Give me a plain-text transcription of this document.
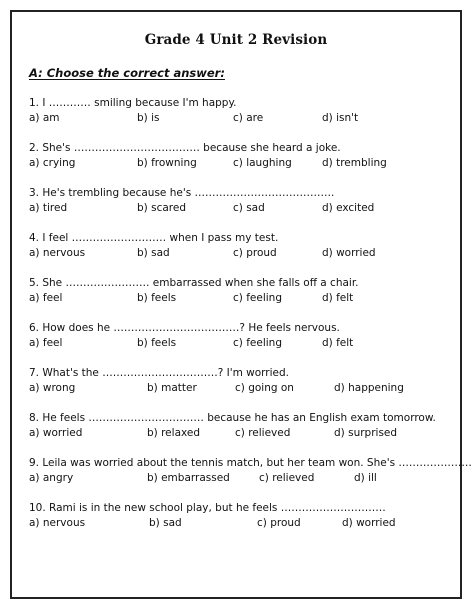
Grade 4 Unit 2 Revision
A: Choose the correct answer:
1. I ………… smiling because I'm happy.
a) am	b) is	c) are	d) isn't
2. She's ……………………………… because she heard a joke.
a) crying	b) frowning	c) laughing	d) trembling
3. He's trembling because he's ………………………………….
a) tired	b) scared	c) sad	d) excited
4. I feel ……………………… when I pass my test.
a) nervous	b) sad	c) proud	d) worried
5. She …………………… embarrassed when she falls off a chair.
a) feel	b) feels	c) feeling	d) felt
6. How does he ………………………………? He feels nervous.
a) feel	b) feels	c) feeling	d) felt
7. What's the ……………………………? I'm worried.
a) wrong	b) matter	c) going on	d) happening
8. He feels …………………………… because he has an English exam tomorrow.
a) worried	b) relaxed	c) relieved	d) surprised
9. Leila was worried about the tennis match, but her team won. She's …………………
a) angry	b) embarrassed	c) relieved	d) ill
10. Rami is in the new school play, but he feels …………………………
a) nervous	b) sad	c) proud	d) worried
